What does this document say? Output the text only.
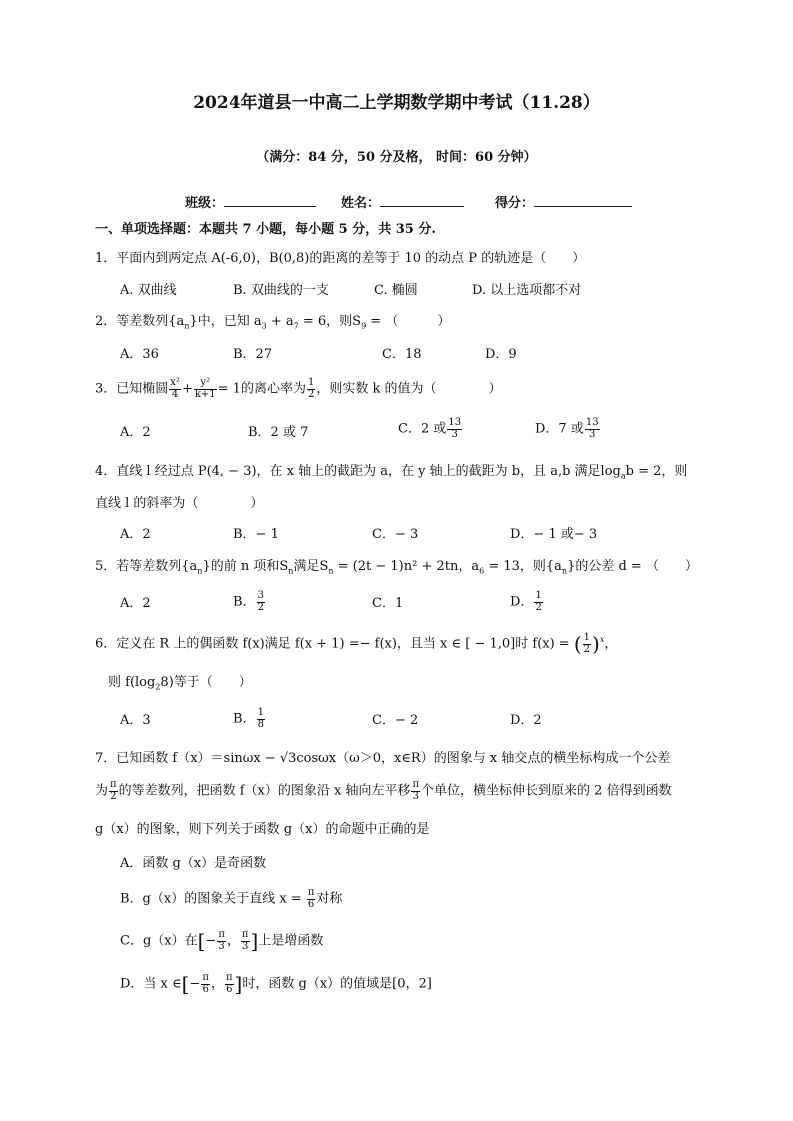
2024年道县一中高二上学期数学期中考试（11.28）
（满分：84 分，50 分及格， 时间：60 分钟）
班级：	姓名：	得分：
一、单项选择题：本题共 7 小题，每小题 5 分，共 35 分.
1．平面内到两定点 A(-6,0)，B(0,8)的距离的差等于 10 的动点 P 的轨迹是（　　）
A. 双曲线	B. 双曲线的一支	C. 椭圆	D. 以上选项都不对
2．等差数列$\{a_n\}$中，已知 $a_3 + a_7 = 6$，则$S_9$ = （　　　）
A．36	B．27	C．18	D．9
3．已知椭圆 $\frac{\text{x²}}{4} + \frac{\text{y²}}{k+1} = 1$的离心率为 $\frac{1}{2}$ ，则实数 k 的值为（　　　　）
A．2	B．2 或 7	C．2 或 $\frac{13}{3}$	D．7 或 $\frac{13}{3}$
4．直线 l 经过点 P(4, − 3)，在 x 轴上的截距为 a，在 y 轴上的截距为 b，且 a,b 满足$\log_ab = 2$，则
直线 l 的斜率为（　　　　）
A．2	B．− 1	C．− 3	D．− 1 或− 3
5．若等差数列$\{a_n\}$的前 n 项和$S_n$满足$S_n = (2t - 1)n^2 + 2tn$，$a_6 = 13$，则$\{a_n\}$的公差 d = （　　）
A．2	B． $\frac{3}{2}$	C．1	D． $\frac{1}{2}$
6．定义在 R 上的偶函数 f(x)满足 f(x + 1) =− f(x)，且当 x ∈ [ − 1,0]时 f(x) = ( $\frac{1}{2} )^x$，
则 $f(\log_28)$等于（　　）
A．3	B． $\frac{1}{8}$	C．− 2	D．2
7．已知函数 f（x）＝sinωx − √3cosωx（ω＞0，x∈R）的图象与 x 轴交点的横坐标构成一个公差
为 $\frac{\pi}{2}$ 的等差数列，把函数 f（x）的图象沿 x 轴向左平移 $\frac{\pi}{3}$ 个单位，横坐标伸长到原来的 2 倍得到函数
g（x）的图象，则下列关于函数 g（x）的命题中正确的是
A．函数 g（x）是奇函数
B．g（x）的图象关于直线 $x = \frac{\pi}{6}$ 对称
C．g（x）在[− $\frac{\pi}{3}$ ， $\frac{\pi}{3}$ ]上是增函数
D．当 x ∈[− $\frac{\pi}{6}$ ， $\frac{\pi}{6}$ ]时，函数 g（x）的值域是[0，2]
